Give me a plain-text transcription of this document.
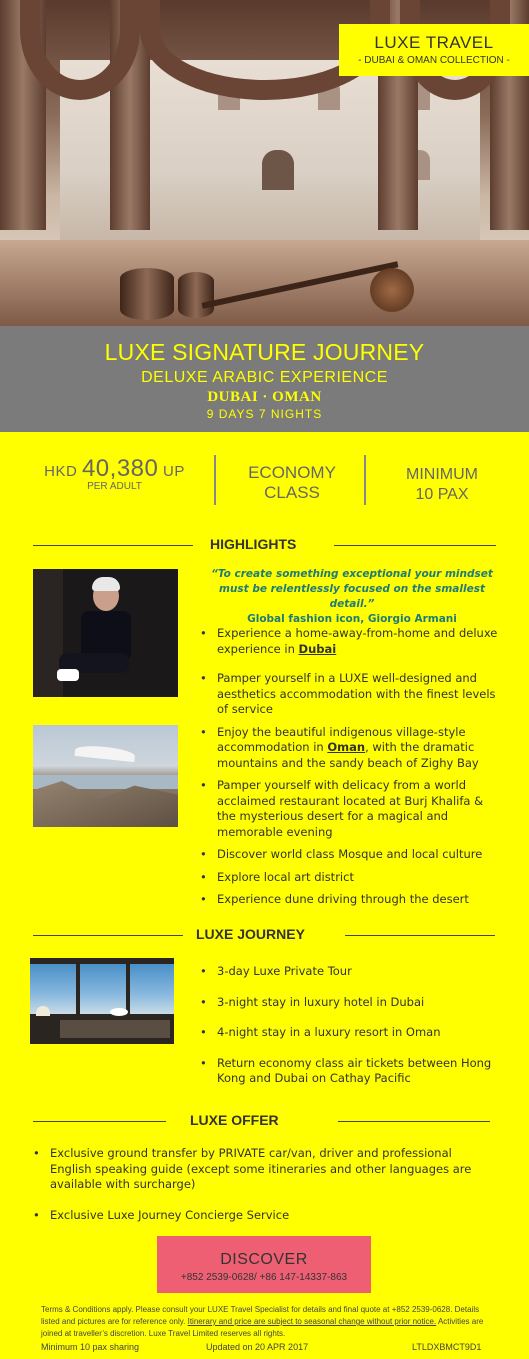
LUXE TRAVEL
- DUBAI & OMAN COLLECTION -
LUXE SIGNATURE JOURNEY
DELUXE ARABIC EXPERIENCE
DUBAI · OMAN
9 DAYS 7 NIGHTS
HKD 40,380 UP
PER ADULT
ECONOMY
CLASS
MINIMUM
10 PAX
HIGHLIGHTS
“To create something exceptional your mindset must be relentlessly focused on the smallest detail.”
Global fashion icon, Giorgio Armani
• Experience a home-away-from-home and deluxe experience in Dubai
• Pamper yourself in a LUXE well-designed and aesthetics accommodation with the finest levels of service
• Enjoy the beautiful indigenous village-style accommodation in Oman, with the dramatic mountains and the sandy beach of Zighy Bay
• Pamper yourself with delicacy from a world acclaimed restaurant located at Burj Khalifa & the mysterious desert for a magical and memorable evening
• Discover world class Mosque and local culture
• Explore local art district
• Experience dune driving through the desert
LUXE JOURNEY
• 3-day Luxe Private Tour
• 3-night stay in luxury hotel in Dubai
• 4-night stay in a luxury resort in Oman
• Return economy class air tickets between Hong Kong and Dubai on Cathay Pacific
LUXE OFFER
• Exclusive ground transfer by PRIVATE car/van, driver and professional English speaking guide (except some itineraries and other languages are available with surcharge)
• Exclusive Luxe Journey Concierge Service
DISCOVER
+852 2539-0628/ +86 147-14337-863
Terms & Conditions apply. Please consult your LUXE Travel Specialist for details and final quote at +852 2539-0628. Details listed and pictures are for reference only. Itinerary and price are subject to seasonal change without prior notice. Activities are joined at traveller’s discretion. Luxe Travel Limited reserves all rights.
Minimum 10 pax sharing	Updated on 20 APR 2017	LTLDXBMCT9D1
